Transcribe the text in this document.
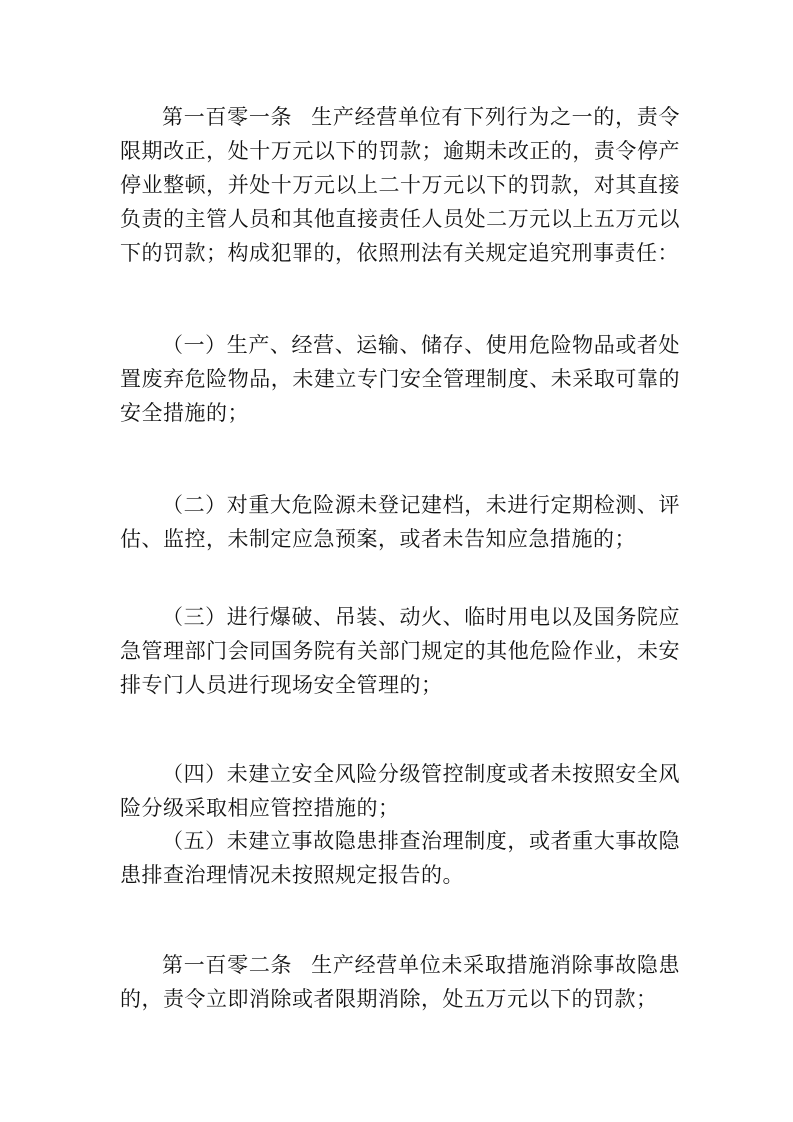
第一百零一条 生产经营单位有下列行为之一的，责令限期改正，处十万元以下的罚款；逾期未改正的，责令停产停业整顿，并处十万元以上二十万元以下的罚款，对其直接负责的主管人员和其他直接责任人员处二万元以上五万元以下的罚款；构成犯罪的，依照刑法有关规定追究刑事责任：

（一）生产、经营、运输、储存、使用危险物品或者处置废弃危险物品，未建立专门安全管理制度、未采取可靠的安全措施的；

（二）对重大危险源未登记建档，未进行定期检测、评估、监控，未制定应急预案，或者未告知应急措施的；

（三）进行爆破、吊装、动火、临时用电以及国务院应急管理部门会同国务院有关部门规定的其他危险作业，未安排专门人员进行现场安全管理的；

（四）未建立安全风险分级管控制度或者未按照安全风险分级采取相应管控措施的；

（五）未建立事故隐患排查治理制度，或者重大事故隐患排查治理情况未按照规定报告的。

第一百零二条 生产经营单位未采取措施消除事故隐患的，责令立即消除或者限期消除，处五万元以下的罚款；
